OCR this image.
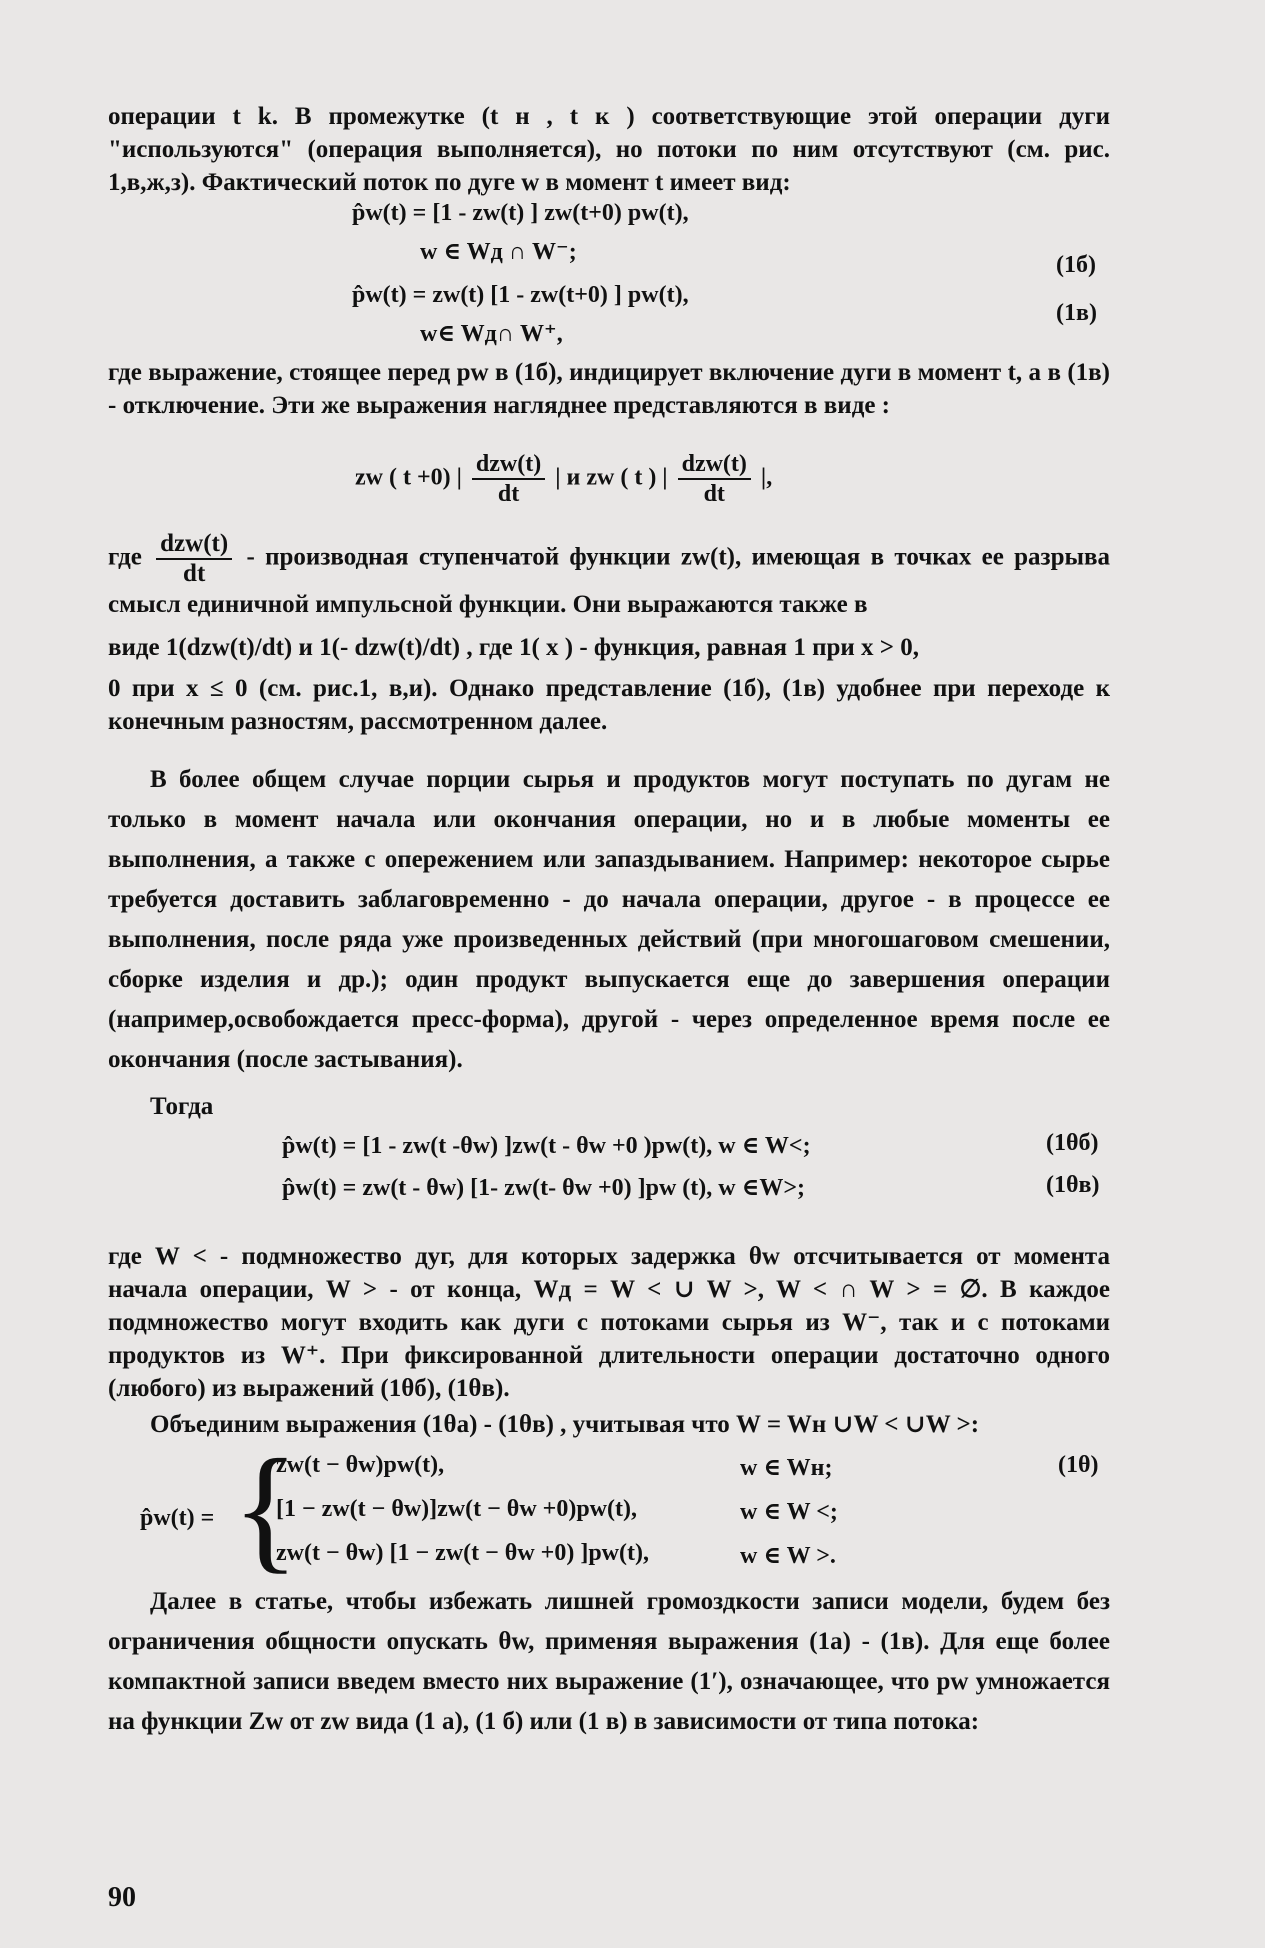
операции t k. В промежутке (t н , t к ) соответствующие этой операции дуги "используются" (операция выполняется), но потоки по ним отсутствуют (см. рис. 1,в,ж,з). Фактический поток по дуге w в момент t имеет вид:

p̂w(t) = [1 - zw(t) ] zw(t+0) pw(t),
w ∈ Wд ∩ W⁻;	(1б)
p̂w(t) = zw(t) [1 - zw(t+0) ] pw(t),
w∈ Wд∩ W⁺,
(1в)

где выражение, стоящее перед pw в (1б), индицирует включение дуги в момент t, а в (1в) - отключение. Эти же выражения нагляднее представляются в виде :

zw ( t +0) | $\frac{\text{dzw(t)}}{dt}$ | и zw ( t ) | $\frac{\text{dzw(t)}}{dt}$ |,

где $\frac{\text{dzw(t)}}{dt}$ - производная ступенчатой функции zw(t), имеющая в точках ее разрыва смысл единичной импульсной функции. Они выражаются также в

виде 1(dzw(t)/dt) и 1(- dzw(t)/dt) , где 1( x ) - функция, равная 1 при x > 0,

0 при x ≤ 0 (см. рис.1, в,и). Однако представление (1б), (1в) удобнее при переходе к конечным разностям, рассмотренном далее.

В более общем случае порции сырья и продуктов могут поступать по дугам не только в момент начала или окончания операции, но и в любые моменты ее выполнения, а также с опережением или запаздыванием. Например: некоторое сырье требуется доставить заблаговременно - до начала операции, другое - в процессе ее выполнения, после ряда уже произведенных действий (при многошаговом смешении, сборке изделия и др.); один продукт выпускается еще до завершения операции (например,освобождается пресс-форма), другой - через определенное время после ее окончания (после застывания).

Тогда

p̂w(t) = [1 - zw(t -θw) ]zw(t - θw +0 )pw(t), w ∈ W<;	(1θб)
p̂w(t) = zw(t - θw) [1- zw(t- θw +0) ]pw (t), w ∈W>;	(1θв)

где W < - подмножество дуг, для которых задержка θw отсчитывается от момента начала операции, W > - от конца, Wд = W < ∪ W >, W < ∩ W > = ∅. В каждое подмножество могут входить как дуги с потоками сырья из W⁻, так и с потоками продуктов из W⁺. При фиксированной длительности операции достаточно одного (любого) из выражений (1θб), (1θв).

Объединим выражения (1θa) - (1θв) , учитывая что W = Wн ∪W < ∪W >:

p̂w(t) = {
zw(t − θw)pw(t),	w ∈ Wн;
[1 − zw(t − θw)]zw(t − θw +0)pw(t),	w ∈ W <;
zw(t − θw) [1 − zw(t − θw +0) ]pw(t),	w ∈ W >.
(1θ)

Далее в статье, чтобы избежать лишней громоздкости записи модели, будем без ограничения общности опускать θw, применяя выражения (1а) - (1в). Для еще более компактной записи введем вместо них выражение (1′), означающее, что pw умножается на функции Zw от zw вида (1 а), (1 б) или (1 в) в зависимости от типа потока:

90
